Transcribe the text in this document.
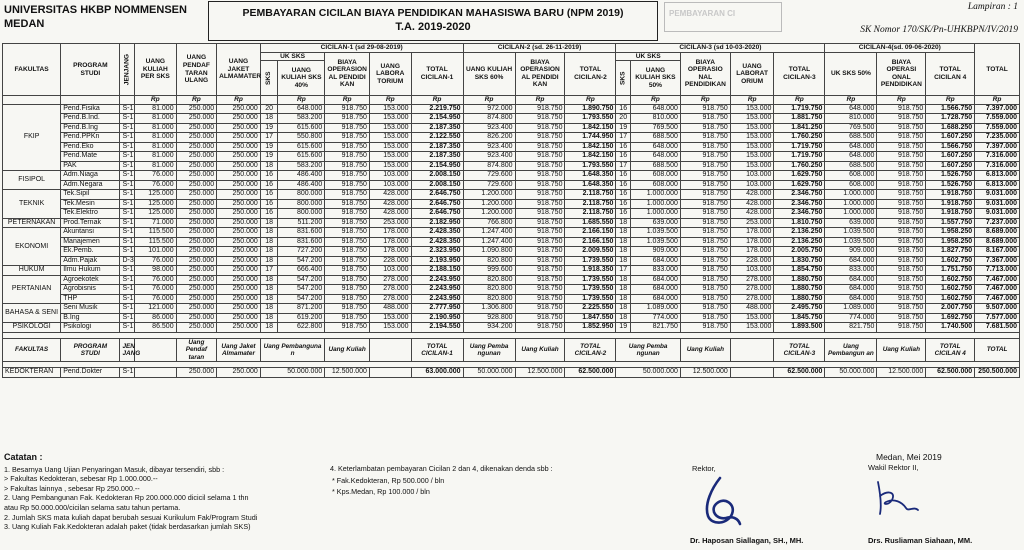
UNIVERSITAS HKBP NOMMENSEN
MEDAN
PEMBAYARAN CICILAN BIAYA PENDIDIKAN MAHASISWA BARU (NPM 2019)
T.A. 2019-2020
PEMBAYARAN CI
Lampiran : 1
SK Nomor 170/SK/Pn-UHKBPN/IV/2019
FAKULTAS	PROGRAM STUDI	JENJANG	UANG KULIAH PER SKS	UANG PENDAF TARAN ULANG	UANG JAKET ALMAMATER	CICILAN-1 (sd 29-08-2019)					CICILAN-2 (sd. 26-11-2019)			CICILAN-3 (sd 10-03-2020)					CICILAN-4(sd. 09-06-2020)			TOTAL
						UK SKS		BIAYA OPERASION AL PENDIDI KAN	UANG LABORA TORIUM	TOTAL CICILAN-1	UANG KULIAH SKS 60%	BIAYA OPERASION AL PENDIDI KAN	TOTAL CICILAN-2	UK SKS		BIAYA OPERASIO NAL PENDIDIKAN	UANG LABORAT ORIUM	TOTAL CICILAN-3	UK SKS 50%	BIAYA OPERASI ONAL PENDIDIKAN	TOTAL CICILAN 4	
						SKS	UANG KULIAH SKS 40%							SKS	UANG KULIAH SKS 50%							
			Rp	Rp	Rp		Rp	Rp	Rp	Rp	Rp	Rp	Rp		Rp	Rp	Rp	Rp	Rp	Rp	Rp	Rp
FKIP	Pend.Fisika	S-1	81.000	250.000	250.000	20	648.000	918.750	153.000	2.219.750	972.000	918.750	1.890.750	16	648.000	918.750	153.000	1.719.750	648.000	918.750	1.566.750	7.397.000
	Pend.B.Ind.	S-1	81.000	250.000	250.000	18	583.200	918.750	153.000	2.154.950	874.800	918.750	1.793.550	20	810.000	918.750	153.000	1.881.750	810.000	918.750	1.728.750	7.559.000
	Pend.B.Ing	S-1	81.000	250.000	250.000	19	615.600	918.750	153.000	2.187.350	923.400	918.750	1.842.150	19	769.500	918.750	153.000	1.841.250	769.500	918.750	1.688.250	7.559.000
	Pend.PPKn	S-1	81.000	250.000	250.000	17	550.800	918.750	153.000	2.122.550	826.200	918.750	1.744.950	17	688.500	918.750	153.000	1.760.250	688.500	918.750	1.607.250	7.235.000
	Pend.Eko	S-1	81.000	250.000	250.000	19	615.600	918.750	153.000	2.187.350	923.400	918.750	1.842.150	16	648.000	918.750	153.000	1.719.750	648.000	918.750	1.566.750	7.397.000
	Pend.Mate	S-1	81.000	250.000	250.000	19	615.600	918.750	153.000	2.187.350	923.400	918.750	1.842.150	16	648.000	918.750	153.000	1.719.750	648.000	918.750	1.607.250	7.316.000
	PAK	S-1	81.000	250.000	250.000	18	583.200	918.750	153.000	2.154.950	874.800	918.750	1.793.550	17	688.500	918.750	153.000	1.760.250	688.500	918.750	1.607.250	7.316.000
FISIPOL	Adm.Niaga	S-1	76.000	250.000	250.000	16	486.400	918.750	103.000	2.008.150	729.600	918.750	1.648.350	16	608.000	918.750	103.000	1.629.750	608.000	918.750	1.526.750	6.813.000
	Adm.Negara	S-1	76.000	250.000	250.000	16	486.400	918.750	103.000	2.008.150	729.600	918.750	1.648.350	16	608.000	918.750	103.000	1.629.750	608.000	918.750	1.526.750	6.813.000
TEKNIK	Tek.Sipil	S-1	125.000	250.000	250.000	16	800.000	918.750	428.000	2.646.750	1.200.000	918.750	2.118.750	16	1.000.000	918.750	428.000	2.346.750	1.000.000	918.750	1.918.750	9.031.000
	Tek.Mesin	S-1	125.000	250.000	250.000	16	800.000	918.750	428.000	2.646.750	1.200.000	918.750	2.118.750	16	1.000.000	918.750	428.000	2.346.750	1.000.000	918.750	1.918.750	9.031.000
	Tek.Elektro	S-1	125.000	250.000	250.000	16	800.000	918.750	428.000	2.646.750	1.200.000	918.750	2.118.750	16	1.000.000	918.750	428.000	2.346.750	1.000.000	918.750	1.918.750	9.031.000
PETERNAKAN	Prod.Ternak	S-1	71.000	250.000	250.000	18	511.200	918.750	253.000	2.182.950	766.800	918.750	1.685.550	18	639.000	918.750	253.000	1.810.750	639.000	918.750	1.557.750	7.237.000
EKONOMI	Akuntansi	S-1	115.500	250.000	250.000	18	831.600	918.750	178.000	2.428.350	1.247.400	918.750	2.166.150	18	1.039.500	918.750	178.000	2.136.250	1.039.500	918.750	1.958.250	8.689.000
	Manajemen	S-1	115.500	250.000	250.000	18	831.600	918.750	178.000	2.428.350	1.247.400	918.750	2.166.150	18	1.039.500	918.750	178.000	2.136.250	1.039.500	918.750	1.958.250	8.689.000
	Ek.Pemb.	S-1	101.000	250.000	250.000	18	727.200	918.750	178.000	2.323.950	1.090.800	918.750	2.009.550	18	909.000	918.750	178.000	2.005.750	909.000	918.750	1.827.750	8.167.000
	Adm.Pajak	D-3	76.000	250.000	250.000	18	547.200	918.750	228.000	2.193.950	820.800	918.750	1.739.550	18	684.000	918.750	228.000	1.830.750	684.000	918.750	1.602.750	7.367.000
HUKUM	Ilmu Hukum	S-1	98.000	250.000	250.000	17	666.400	918.750	103.000	2.188.150	999.600	918.750	1.918.350	17	833.000	918.750	103.000	1.854.750	833.000	918.750	1.751.750	7.713.000
PERTANIAN	Agroekotek	S-1	76.000	250.000	250.000	18	547.200	918.750	278.000	2.243.950	820.800	918.750	1.739.550	18	684.000	918.750	278.000	1.880.750	684.000	918.750	1.602.750	7.467.000
	Agrobisnis	S-1	76.000	250.000	250.000	18	547.200	918.750	278.000	2.243.950	820.800	918.750	1.739.550	18	684.000	918.750	278.000	1.880.750	684.000	918.750	1.602.750	7.467.000
	THP	S-1	76.000	250.000	250.000	18	547.200	918.750	278.000	2.243.950	820.800	918.750	1.739.550	18	684.000	918.750	278.000	1.880.750	684.000	918.750	1.602.750	7.467.000
BAHASA & SENI	Seni Musik	S-1	121.000	250.000	250.000	18	871.200	918.750	488.000	2.777.950	1.306.800	918.750	2.225.550	18	1.089.000	918.750	488.000	2.495.750	1.089.000	918.750	2.007.750	9.507.000
	B.Ing	S-1	86.000	250.000	250.000	18	619.200	918.750	153.000	2.190.950	928.800	918.750	1.847.550	18	774.000	918.750	153.000	1.845.750	774.000	918.750	1.692.750	7.577.000
PSIKOLOGI	Psikologi	S-1	86.500	250.000	250.000	18	622.800	918.750	153.000	2.194.550	934.200	918.750	1.852.950	19	821.750	918.750	153.000	1.893.500	821.750	918.750	1.740.500	7.681.500

FAKULTAS	PROGRAM STUDI	JEN JANG		Uang Pendaf taran	Uang Jaket Almamater	Uang Pembanguna n		Uang Kuliah		TOTAL CICILAN-1	Uang Pemba ngunan	Uang Kuliah	TOTAL CICILAN-2	Uang Pemba ngunan		Uang Kuliah		TOTAL CICILAN-3	Uang Pembangun an	Uang Kuliah	TOTAL CICILAN 4	TOTAL

KEDOKTERAN	Pend.Dokter	S-1		250.000	250.000	50.000.000		12.500.000		63.000.000	50.000.000	12.500.000	62.500.000	50.000.000		12.500.000		62.500.000	50.000.000	12.500.000	62.500.000	250.500.000
Catatan :
1. Besarnya Uang Ujian Penyaringan Masuk, dibayar tersendiri, sbb :
> Fakultas Kedokteran, sebesar Rp 1.000.000.--
> Fakultas lainnya , sebesar Rp 250.000.--
2. Uang Pembangunan Fak. Kedokteran Rp 200.000.000 dicicil selama 1 thn
atau Rp 50.000.000/cicilan selama satu tahun pertama.
2. Jumlah SKS mata kuliah dapat berubah sesuai Kurikulum Fak/Program Studi
3. Uang Kuliah Fak.Kedokteran adalah paket (tidak berdasarkan jumlah SKS)
4. Keterlambatan pembayaran Cicilan 2 dan 4, dikenakan denda sbb :
* Fak.Kedokteran, Rp 500.000 / bln
* Kps.Medan, Rp 100.000 / bln
Rektor,
Dr. Haposan Siallagan, SH., MH.
Medan, Mei 2019
Wakil Rektor II,
Drs. Rusliaman Siahaan, MM.
